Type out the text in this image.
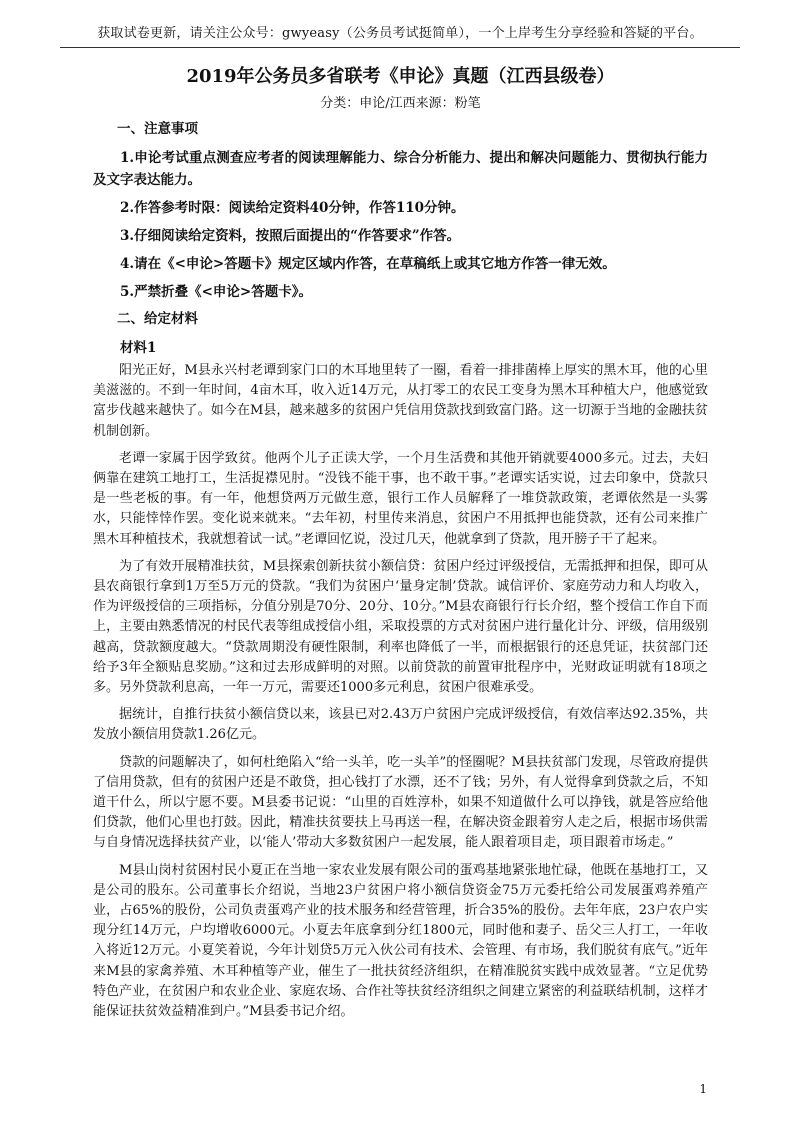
获取试卷更新，请关注公众号：gwyeasy（公务员考试挺简单），一个上岸考生分享经验和答疑的平台。
2019年公务员多省联考《申论》真题（江西县级卷）
分类：申论/江西来源：粉笔
一、注意事项
1.申论考试重点测查应考者的阅读理解能力、综合分析能力、提出和解决问题能力、贯彻执行能力及文字表达能力。
2.作答参考时限：阅读给定资料40分钟，作答110分钟。
3.仔细阅读给定资料，按照后面提出的“作答要求”作答。
4.请在《<申论>答题卡》规定区域内作答，在草稿纸上或其它地方作答一律无效。
5.严禁折叠《<申论>答题卡》。
二、给定材料
材料1

阳光正好，M县永兴村老谭到家门口的木耳地里转了一圈，看着一排排菌棒上厚实的黑木耳，他的心里美滋滋的。不到一年时间，4亩木耳，收入近14万元，从打零工的农民工变身为黑木耳种植大户，他感觉致富步伐越来越快了。如今在M县，越来越多的贫困户凭信用贷款找到致富门路。这一切源于当地的金融扶贫机制创新。

老谭一家属于因学致贫。他两个儿子正读大学，一个月生活费和其他开销就要4000多元。过去，夫妇俩靠在建筑工地打工，生活捉襟见肘。“没钱不能干事，也不敢干事。”老谭实话实说，过去印象中，贷款只是一些老板的事。有一年，他想贷两万元做生意，银行工作人员解释了一堆贷款政策，老谭依然是一头雾水，只能悻悻作罢。变化说来就来。“去年初，村里传来消息，贫困户不用抵押也能贷款，还有公司来推广黑木耳种植技术，我就想着试一试。”老谭回忆说，没过几天，他就拿到了贷款，甩开膀子干了起来。

为了有效开展精准扶贫，M县探索创新扶贫小额信贷：贫困户经过评级授信，无需抵押和担保，即可从县农商银行拿到1万至5万元的贷款。“我们为贫困户‘量身定制’贷款。诚信评价、家庭劳动力和人均收入，作为评级授信的三项指标，分值分别是70分、20分、10分。”M县农商银行行长介绍，整个授信工作自下而上，主要由熟悉情况的村民代表等组成授信小组，采取投票的方式对贫困户进行量化计分、评级，信用级别越高，贷款额度越大。“贷款周期没有硬性限制，利率也降低了一半，而根据银行的还息凭证，扶贫部门还给予3年全额贴息奖励。”这和过去形成鲜明的对照。以前贷款的前置审批程序中，光财政证明就有18项之多。另外贷款利息高，一年一万元，需要还1000多元利息，贫困户很难承受。

据统计，自推行扶贫小额信贷以来，该县已对2.43万户贫困户完成评级授信，有效信率达92.35%，共发放小额信用贷款1.26亿元。

贷款的问题解决了，如何杜绝陷入“给一头羊，吃一头羊”的怪圈呢？M县扶贫部门发现，尽管政府提供了信用贷款，但有的贫困户还是不敢贷，担心钱打了水漂，还不了钱；另外，有人觉得拿到贷款之后，不知道干什么，所以宁愿不要。M县委书记说：“山里的百姓淳朴，如果不知道做什么可以挣钱，就是答应给他们贷款，他们心里也打鼓。因此，精准扶贫要扶上马再送一程，在解决资金跟着穷人走之后，根据市场供需与自身情况选择扶贫产业，以‘能人’带动大多数贫困户一起发展，能人跟着项目走，项目跟着市场走。”

M县山岗村贫困村民小夏正在当地一家农业发展有限公司的蛋鸡基地紧张地忙碌，他既在基地打工，又是公司的股东。公司董事长介绍说，当地23户贫困户将小额信贷资金75万元委托给公司发展蛋鸡养殖产业，占65%的股份，公司负责蛋鸡产业的技术服务和经营管理，折合35%的股份。去年年底，23户农户实现分红14万元，户均增收6000元。小夏去年底拿到分红1800元，同时他和妻子、岳父三人打工，一年收入将近12万元。小夏笑着说，今年计划贷5万元入伙公司有技术、会管理、有市场，我们脱贫有底气。”近年来M县的家禽养殖、木耳种植等产业，催生了一批扶贫经济组织，在精准脱贫实践中成效显著。“立足优势特色产业，在贫困户和农业企业、家庭农场、合作社等扶贫经济组织之间建立紧密的利益联结机制，这样才能保证扶贫效益精准到户。”M县委书记介绍。

1
